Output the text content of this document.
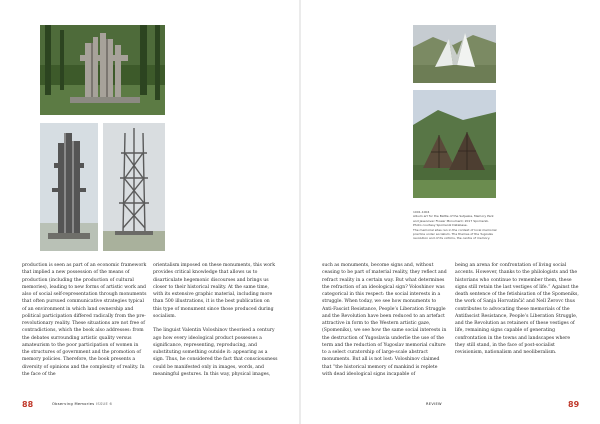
production is seen as part of an economic framework that implied a new possession of the means of production (including the production of cultural memories), leading to new forms of artistic work and also of social self-representation through monuments that often pursued communicative strategies typical of an environment in which land ownership and political participation differed radically from the pre-revolutionary reality. These situations are not free of contradictions, which the book also addresses: from the debates surrounding artistic quality versus amateurism to the poor participation of women in the structures of government and the promotion of memory policies. Therefore, the book presents a diversity of opinions and the complexity of reality. In the face of the

orientalism imposed on these monuments, this work provides critical knowledge that allows us to disarticulate hegemonic discourses and brings us closer to their historical reality. At the same time, with its extensive graphic material, including more than 500 illustrations, it is the best publication on this type of monument since those produced during socialism.

The linguist Valentin Voloshinov theorised a century ago how every ideological product possesses a significance, representing, reproducing, and substituting something outside it: appearing as a sign. Thus, he considered the fact that consciousness could be manifested only in images, words, and meaningful gestures. In this way, physical images,

88	Observing Memories ISSUE 6
1001-1004
Album art for the Battle of the Sutjeska, Memory Park and Jasenovac Flower Monument; 2017 Spomenik. Photo courtesy Spomenik Database.
The memorial sites ran in the context of local memorial practice under socialism. The themes of the Yugoslav revolution and of its victims, the centre of memory.

such as monuments, become signs and, without ceasing to be part of material reality, they reflect and refract reality in a certain way. But what determines the refraction of an ideological sign? Voloshinov was categorical in this respect: the social interests in a struggle. When today, we see how monuments to Anti-Fascist Resistance, People’s Liberation Struggle and the Revolution have been reduced to an artefact attractive in form to the Western artistic gaze, (Spomeniks), we see how the same social interests in the destruction of Yugoslavia underlie the use of the term and the reduction of Yugoslav memorial culture to a select curatorship of large-scale abstract monuments. But all is not lost: Voloshinov claimed that “the historical memory of mankind is replete with dead ideological signs incapable of

being an arena for confrontation of living social accents. However, thanks to the philologists and the historians who continue to remember them, these signs still retain the last vestiges of life.” Against the death sentence of the fetishisation of the Spomeniks, the work of Sanja Horvatinčić and Nell Žerovc thus contributes to advocating these memorials of the Antifascist Resistance, People’s Liberation Struggle, and the Revolution as retainers of these vestiges of life, remaining signs capable of generating confrontation in the towns and landscapes where they still stand, in the face of post-socialist revisionism, nationalism and neoliberalism.

REVIEW	89
